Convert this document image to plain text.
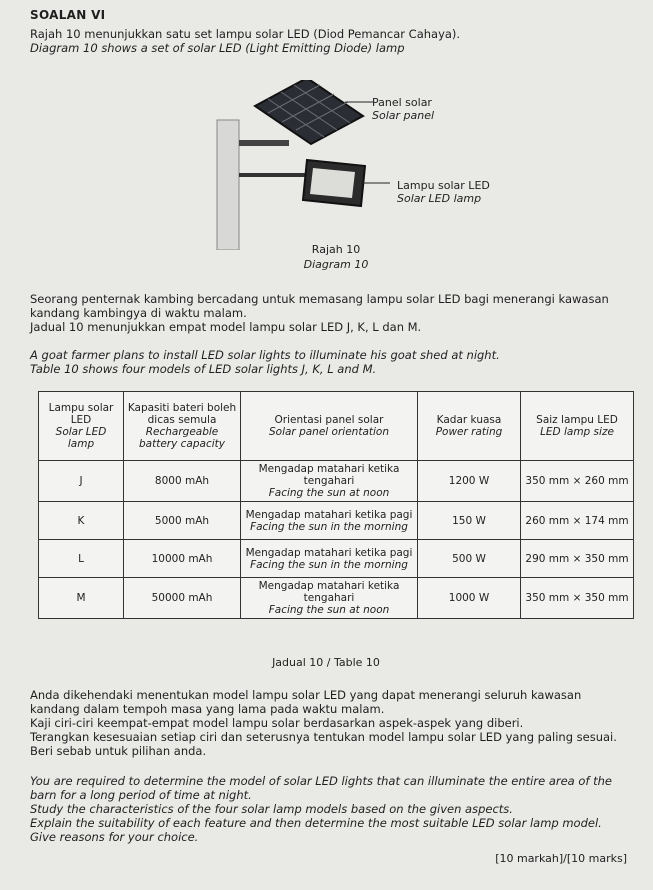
SOALAN VI
Rajah 10 menunjukkan satu set lampu solar LED (Diod Pemancar Cahaya).
Diagram 10 shows a set of solar LED (Light Emitting Diode) lamp
Panel solar
Solar panel
Lampu solar LED
Solar LED lamp
Rajah 10
Diagram 10
Seorang penternak kambing bercadang untuk memasang lampu solar LED bagi menerangi kawasan
kandang kambingya di waktu malam.
Jadual 10 menunjukkan empat model lampu solar LED J, K, L dan M.
A goat farmer plans to install LED solar lights to illuminate his goat shed at night.
Table 10 shows four models of LED solar lights J, K, L and M.
Lampu solar LED
Solar LED lamp	Kapasiti bateri boleh dicas semula
Rechargeable battery capacity	Orientasi panel solar
Solar panel orientation	Kadar kuasa
Power rating	Saiz lampu LED
LED lamp size

J	8000 mAh	Mengadap matahari ketika tengahari
Facing the sun at noon	1200 W	350 mm × 260 mm
K	5000 mAh	Mengadap matahari ketika pagi
Facing the sun in the morning	150 W	260 mm × 174 mm
L	10000 mAh	Mengadap matahari ketika pagi
Facing the sun in the morning	500 W	290 mm × 350 mm
M	50000 mAh	Mengadap matahari ketika tengahari
Facing the sun at noon	1000 W	350 mm × 350 mm
Jadual 10 / Table 10
Anda dikehendaki menentukan model lampu solar LED yang dapat menerangi seluruh kawasan
kandang dalam tempoh masa yang lama pada waktu malam.
Kaji ciri-ciri keempat-empat model lampu solar berdasarkan aspek-aspek yang diberi.
Terangkan kesesuaian setiap ciri dan seterusnya tentukan model lampu solar LED yang paling sesuai.
Beri sebab untuk pilihan anda.
You are required to determine the model of solar LED lights that can illuminate the entire area of the
barn for a long period of time at night.
Study the characteristics of the four solar lamp models based on the given aspects.
Explain the suitability of each feature and then determine the most suitable LED solar lamp model.
Give reasons for your choice.
[10 markah]/[10 marks]
